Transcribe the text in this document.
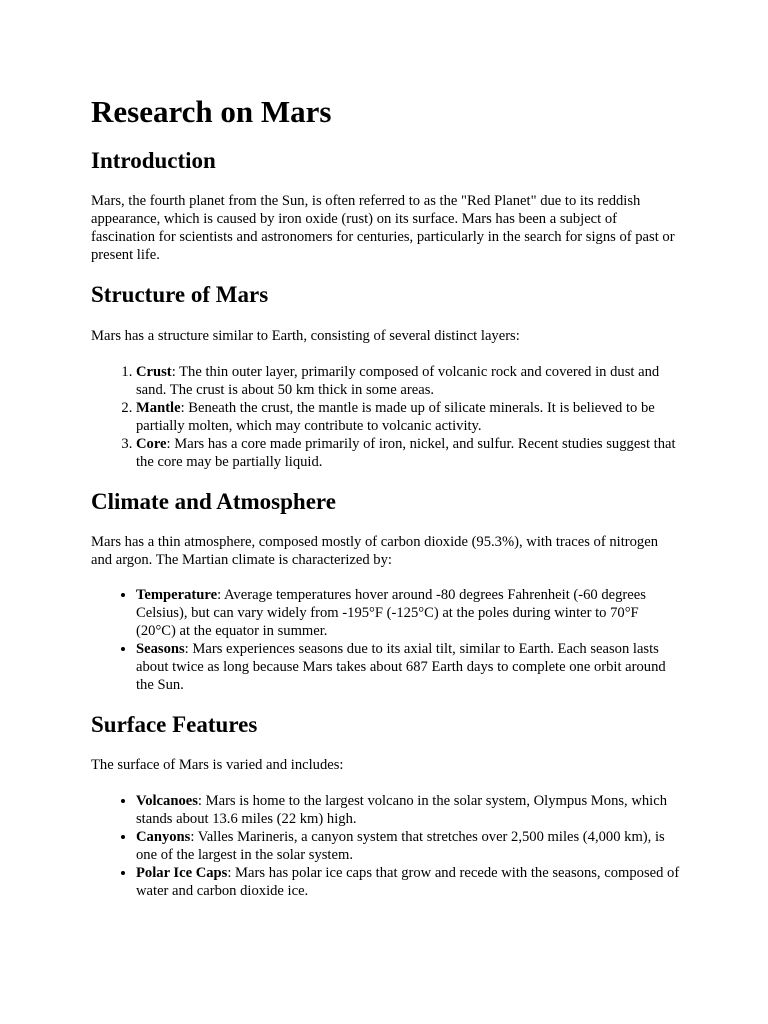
Research on Mars
Introduction

Mars, the fourth planet from the Sun, is often referred to as the "Red Planet" due to its reddish appearance, which is caused by iron oxide (rust) on its surface. Mars has been a subject of fascination for scientists and astronomers for centuries, particularly in the search for signs of past or present life.

Structure of Mars

Mars has a structure similar to Earth, consisting of several distinct layers:

1. Crust: The thin outer layer, primarily composed of volcanic rock and covered in dust and sand. The crust is about 50 km thick in some areas.
2. Mantle: Beneath the crust, the mantle is made up of silicate minerals. It is believed to be partially molten, which may contribute to volcanic activity.
3. Core: Mars has a core made primarily of iron, nickel, and sulfur. Recent studies suggest that the core may be partially liquid.
Climate and Atmosphere

Mars has a thin atmosphere, composed mostly of carbon dioxide (95.3%), with traces of nitrogen and argon. The Martian climate is characterized by:

• Temperature: Average temperatures hover around -80 degrees Fahrenheit (-60 degrees Celsius), but can vary widely from -195°F (-125°C) at the poles during winter to 70°F (20°C) at the equator in summer.
• Seasons: Mars experiences seasons due to its axial tilt, similar to Earth. Each season lasts about twice as long because Mars takes about 687 Earth days to complete one orbit around the Sun.
Surface Features

The surface of Mars is varied and includes:

• Volcanoes: Mars is home to the largest volcano in the solar system, Olympus Mons, which stands about 13.6 miles (22 km) high.
• Canyons: Valles Marineris, a canyon system that stretches over 2,500 miles (4,000 km), is one of the largest in the solar system.
• Polar Ice Caps: Mars has polar ice caps that grow and recede with the seasons, composed of water and carbon dioxide ice.
